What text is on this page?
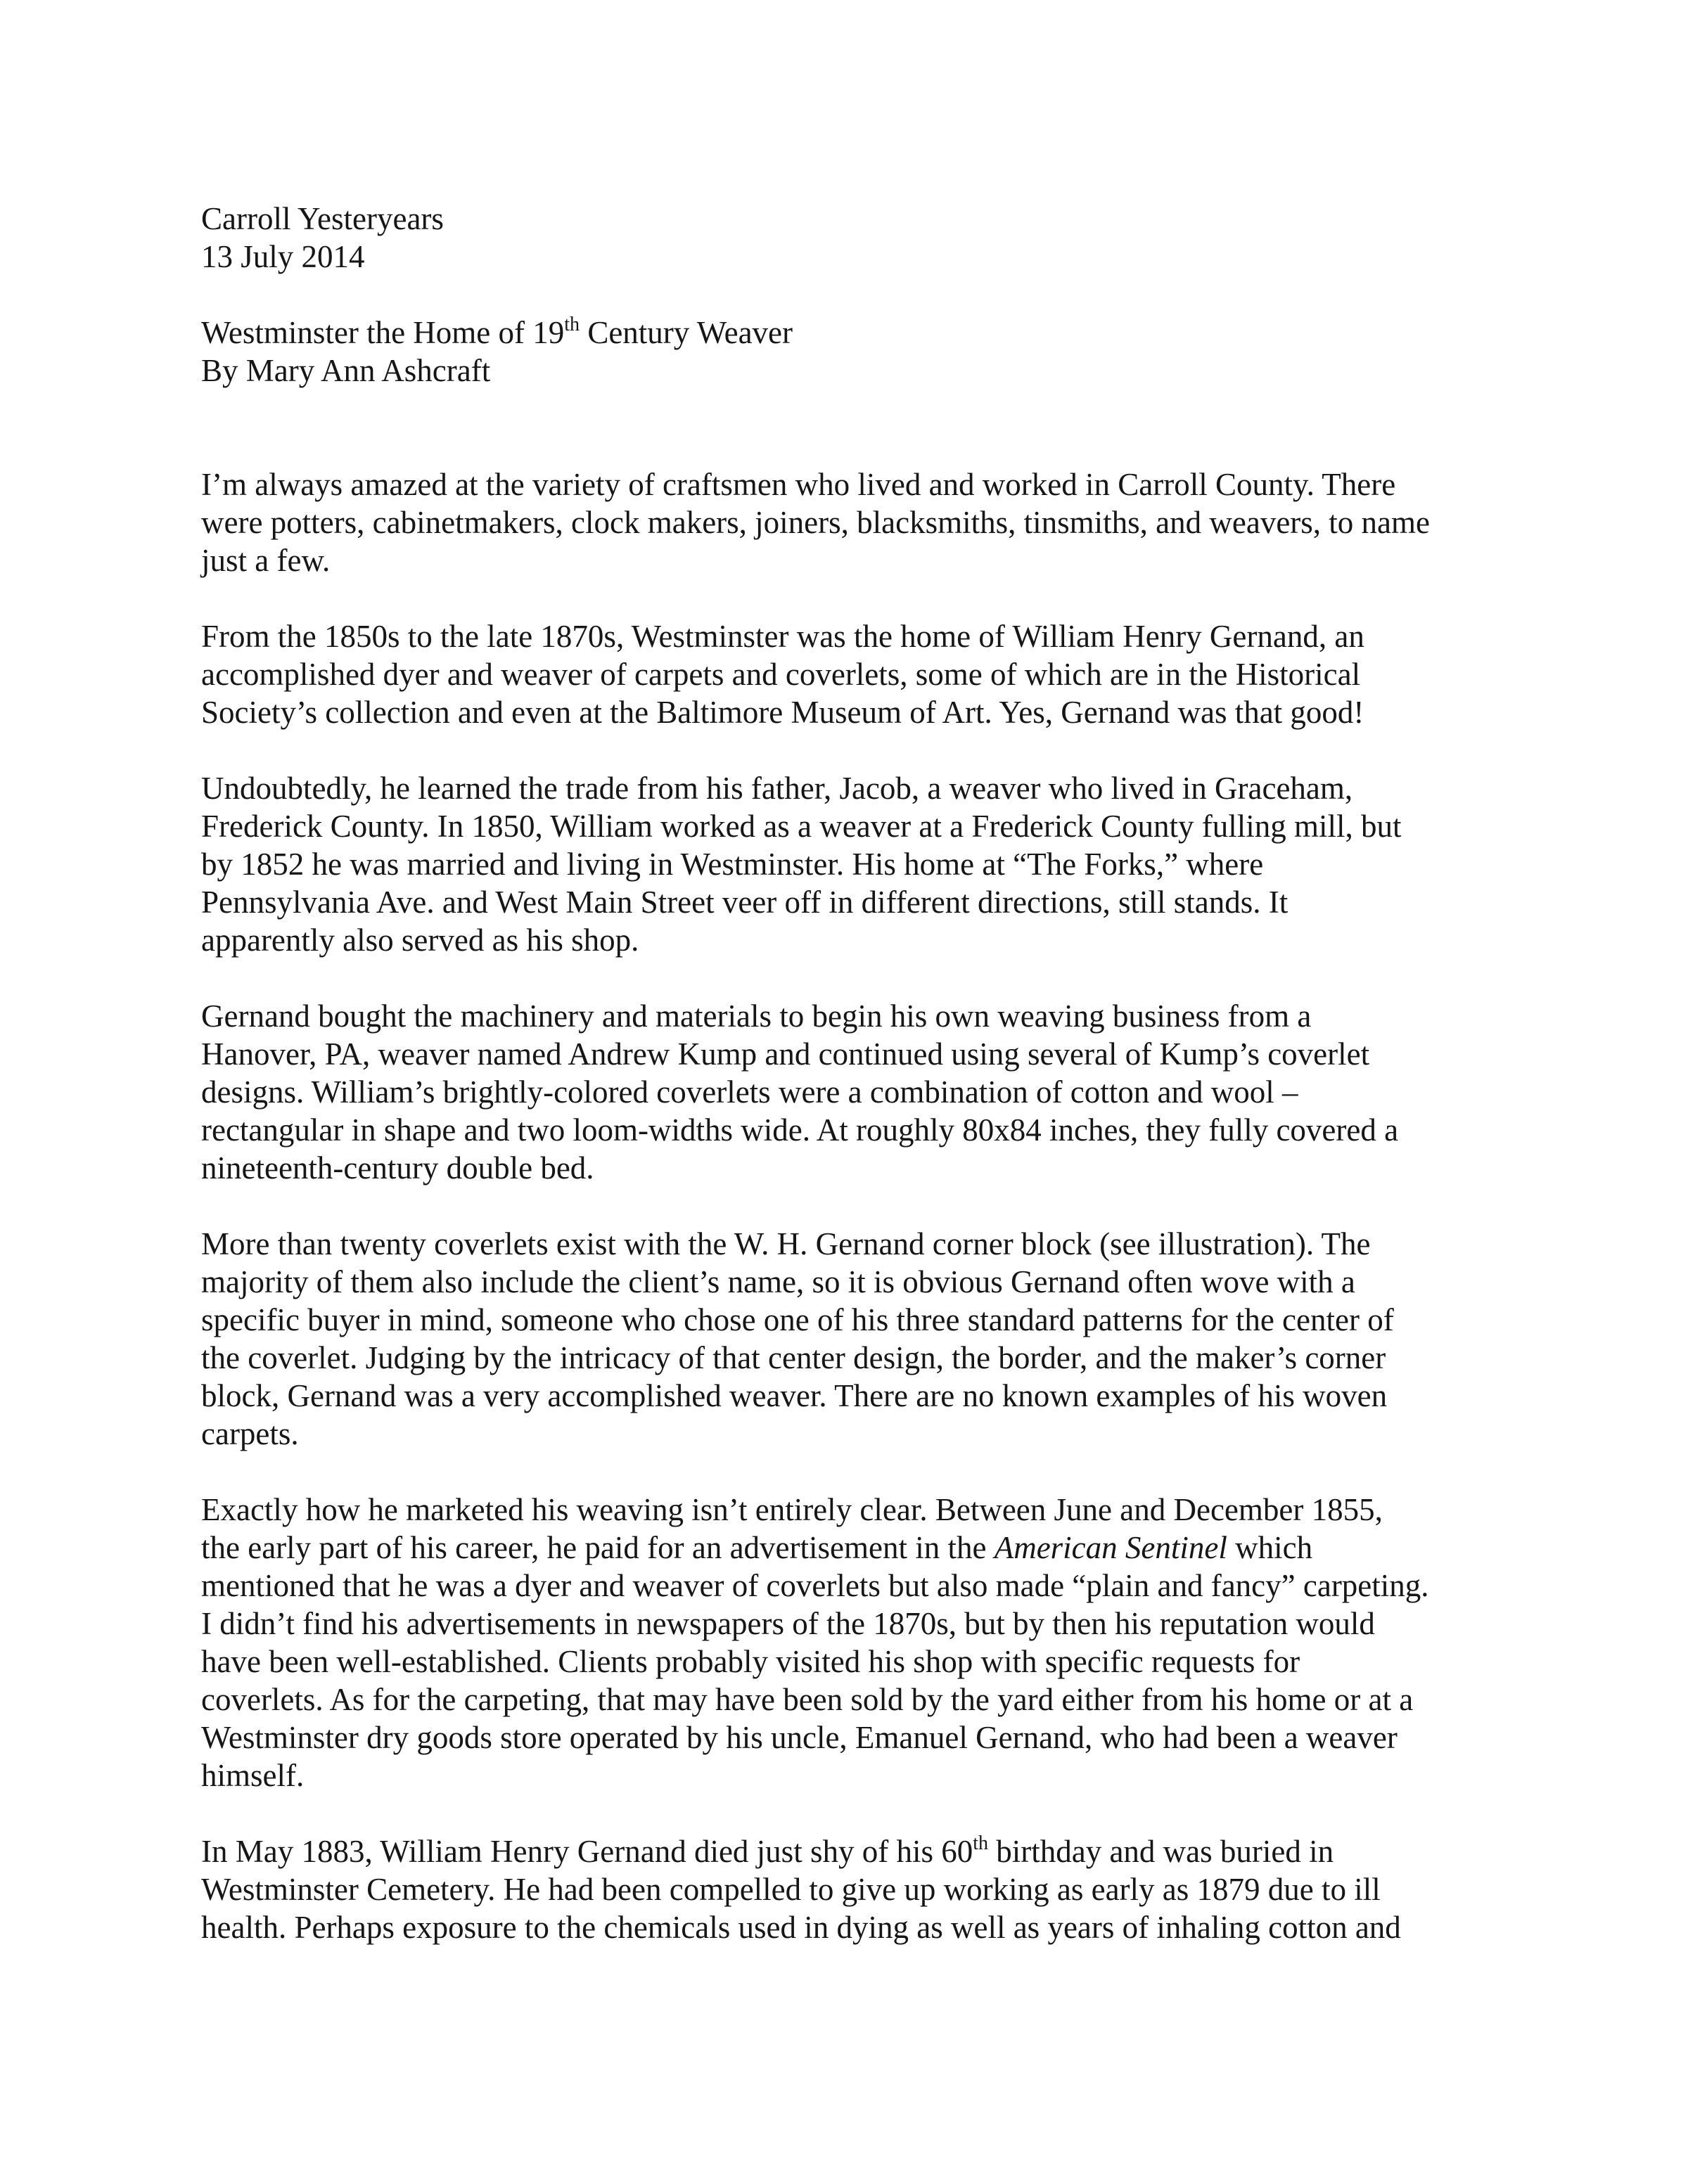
Carroll Yesteryears
13 July 2014
Westminster the Home of 19th Century Weaver
By Mary Ann Ashcraft
I’m always amazed at the variety of craftsmen who lived and worked in Carroll County. There
were potters, cabinetmakers, clock makers, joiners, blacksmiths, tinsmiths, and weavers, to name
just a few.
From the 1850s to the late 1870s, Westminster was the home of William Henry Gernand, an
accomplished dyer and weaver of carpets and coverlets, some of which are in the Historical
Society’s collection and even at the Baltimore Museum of Art. Yes, Gernand was that good!
Undoubtedly, he learned the trade from his father, Jacob, a weaver who lived in Graceham,
Frederick County. In 1850, William worked as a weaver at a Frederick County fulling mill, but
by 1852 he was married and living in Westminster. His home at “The Forks,” where
Pennsylvania Ave. and West Main Street veer off in different directions, still stands. It
apparently also served as his shop.
Gernand bought the machinery and materials to begin his own weaving business from a
Hanover, PA, weaver named Andrew Kump and continued using several of Kump’s coverlet
designs. William’s brightly-colored coverlets were a combination of cotton and wool –
rectangular in shape and two loom-widths wide. At roughly 80x84 inches, they fully covered a
nineteenth-century double bed.
More than twenty coverlets exist with the W. H. Gernand corner block (see illustration). The
majority of them also include the client’s name, so it is obvious Gernand often wove with a
specific buyer in mind, someone who chose one of his three standard patterns for the center of
the coverlet. Judging by the intricacy of that center design, the border, and the maker’s corner
block, Gernand was a very accomplished weaver. There are no known examples of his woven
carpets.
Exactly how he marketed his weaving isn’t entirely clear. Between June and December 1855,
the early part of his career, he paid for an advertisement in the American Sentinel which
mentioned that he was a dyer and weaver of coverlets but also made “plain and fancy” carpeting.
I didn’t find his advertisements in newspapers of the 1870s, but by then his reputation would
have been well-established. Clients probably visited his shop with specific requests for
coverlets. As for the carpeting, that may have been sold by the yard either from his home or at a
Westminster dry goods store operated by his uncle, Emanuel Gernand, who had been a weaver
himself.
In May 1883, William Henry Gernand died just shy of his 60th birthday and was buried in
Westminster Cemetery. He had been compelled to give up working as early as 1879 due to ill
health. Perhaps exposure to the chemicals used in dying as well as years of inhaling cotton and
